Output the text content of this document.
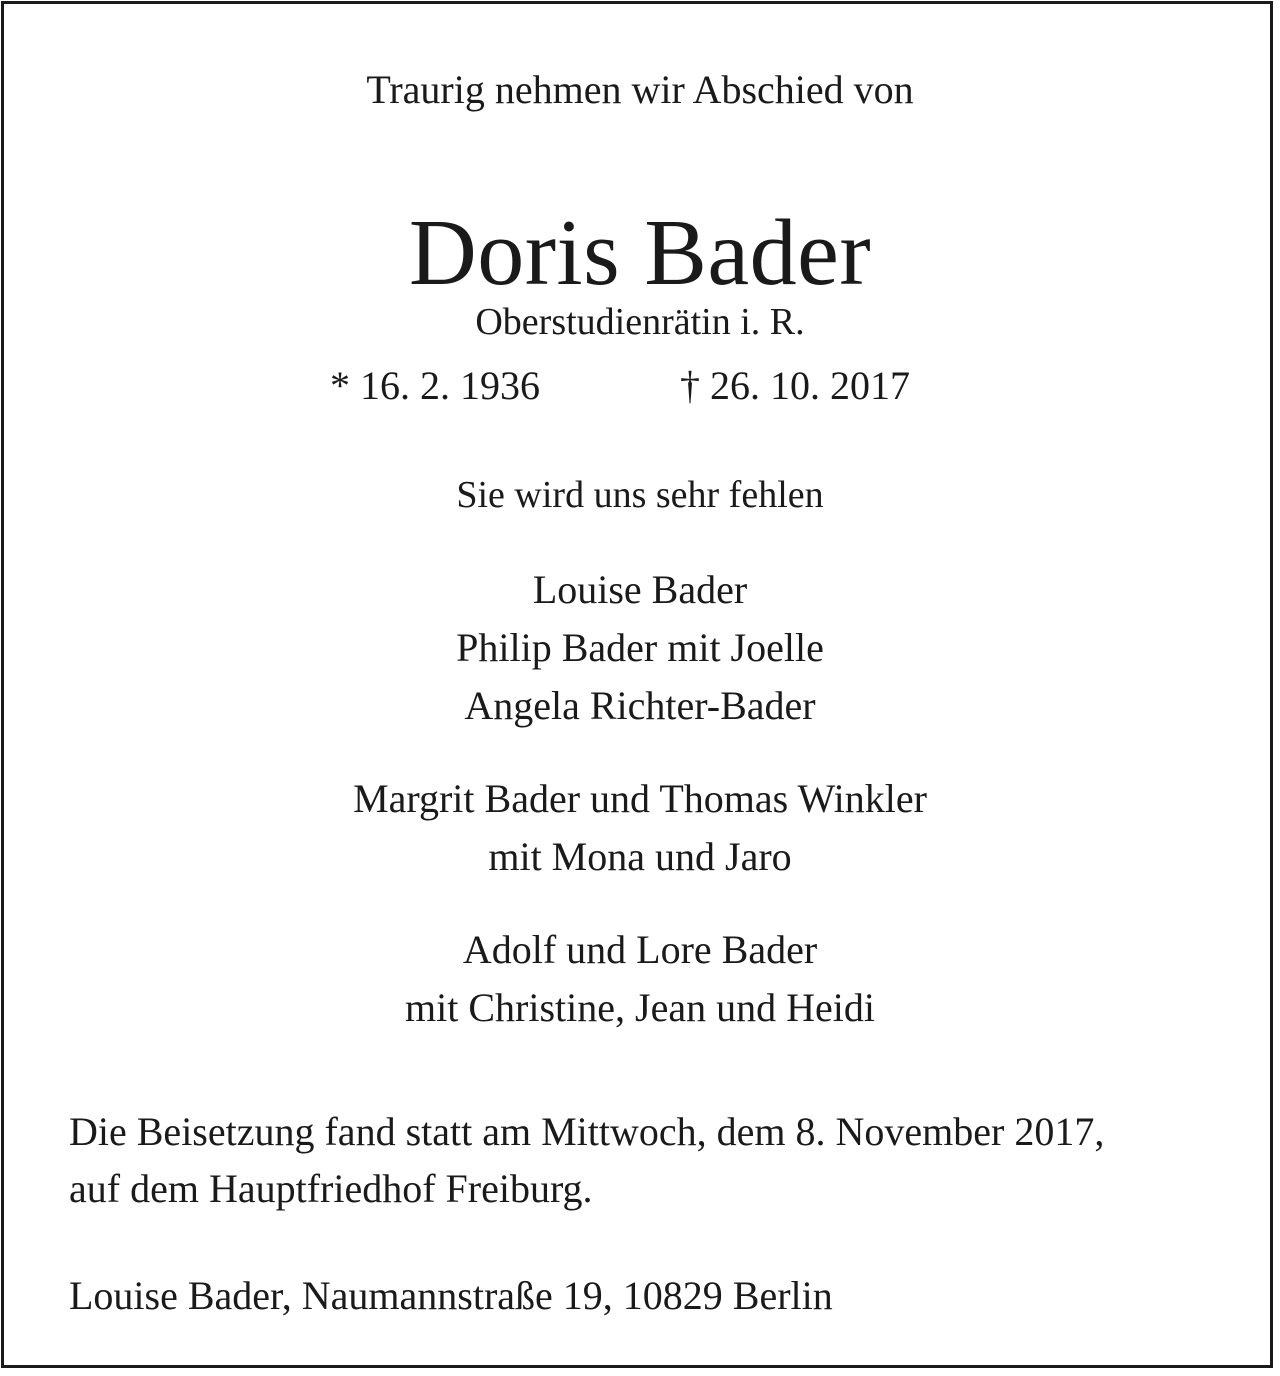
Traurig nehmen wir Abschied von
Doris Bader
Oberstudienrätin i. R.
* 16. 2. 1936	† 26. 10. 2017
Sie wird uns sehr fehlen
Louise Bader
Philip Bader mit Joelle
Angela Richter-Bader
Margrit Bader und Thomas Winkler
mit Mona und Jaro
Adolf und Lore Bader
mit Christine, Jean und Heidi
Die Beisetzung fand statt am Mittwoch, dem 8. November 2017,
auf dem Hauptfriedhof Freiburg.
Louise Bader, Naumannstraße 19, 10829 Berlin
